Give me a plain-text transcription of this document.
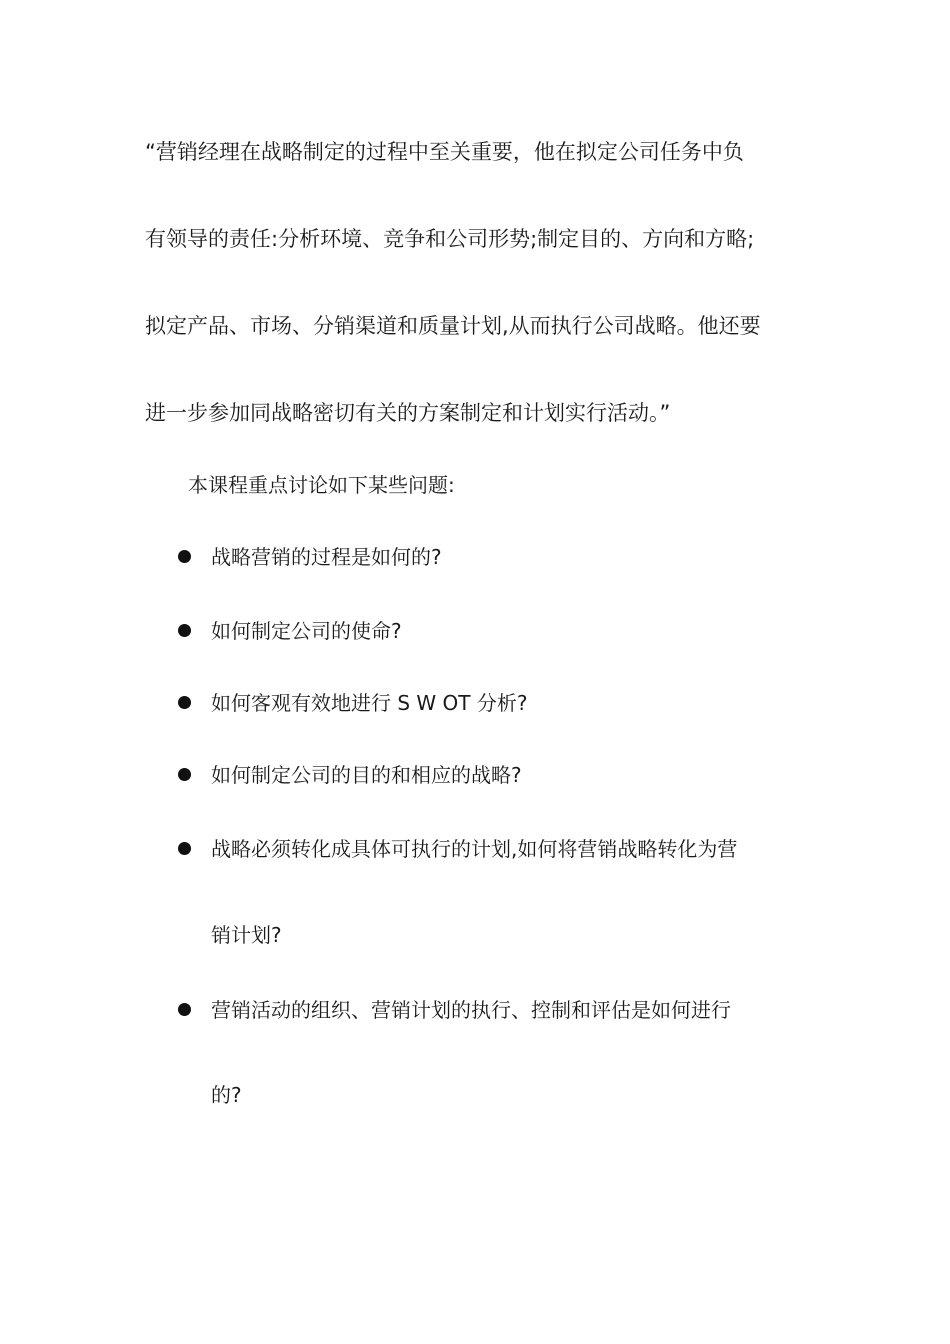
“营销经理在战略制定的过程中至关重要，他在拟定公司任务中负
有领导的责任:分析环境、竞争和公司形势;制定目的、方向和方略;
拟定产品、市场、分销渠道和质量计划,从而执行公司战略。他还要
进一步参加同战略密切有关的方案制定和计划实行活动。”
本课程重点讨论如下某些问题:
战略营销的过程是如何的?
如何制定公司的使命?
如何客观有效地进行 S W OT 分析?
如何制定公司的目的和相应的战略?
战略必须转化成具体可执行的计划,如何将营销战略转化为营
销计划?
营销活动的组织、营销计划的执行、控制和评估是如何进行
的?
